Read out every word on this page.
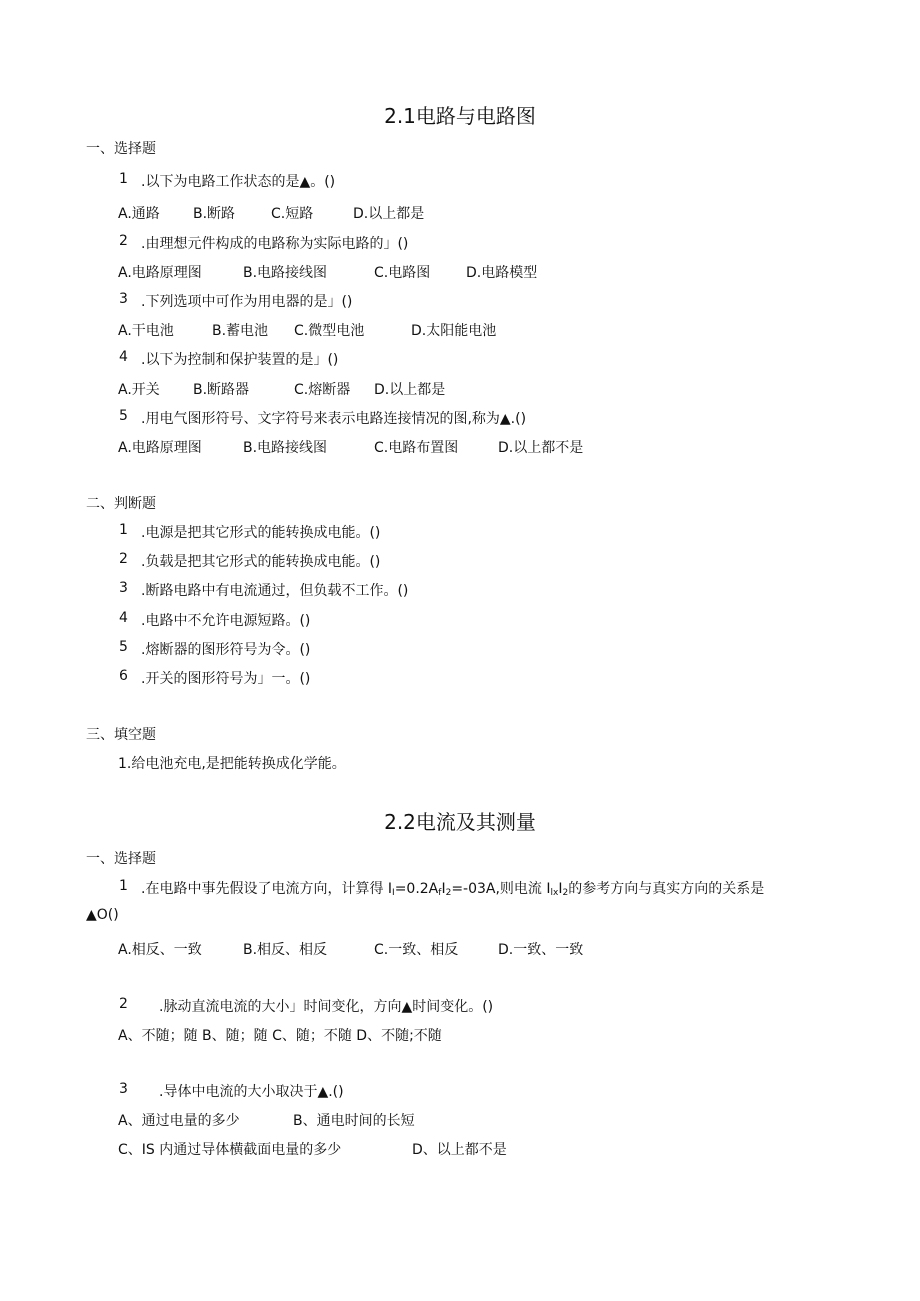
2.1电路与电路图
一、选择题
1 .以下为电路工作状态的是▲。()
A.通路 B.断路	C.短路	D.以上都是
2 .由理想元件构成的电路称为实际电路的」()
A.电路原理图	B.电路接线图	C.电路图	D.电路模型
3 .下列选项中可作为用电器的是」()
A.干电池	B.蓄电池 C.微型电池	D.太阳能电池
4 .以下为控制和保护装置的是」()
A.开关 B.断路器	C.熔断器 D.以上都是
5 .用电气图形符号、文字符号来表示电路连接情况的图,称为▲.()
A.电路原理图	B.电路接线图	C.电路布置图	D.以上都不是
二、判断题
1 .电源是把其它形式的能转换成电能。()
2 .负载是把其它形式的能转换成电能。()
3 .断路电路中有电流通过，但负载不工作。()
4 .电路中不允许电源短路。()
5 .熔断器的图形符号为令。()
6 .开关的图形符号为」一。()
三、填空题
1.给电池充电,是把能转换成化学能。
2.2电流及其测量
一、选择题
1 .在电路中事先假设了电流方向，计算得 $I_I=0.2A_fI_2=-03A$,则电流 $I_{lx}I_2$的参考方向与真实方向的关系是
▲O()
A.相反、一致	B.相反、相反	C.一致、相反	D.一致、一致
2 .脉动直流电流的大小」时间变化，方向▲时间变化。()
A、不随；随 B、随；随 C、随；不随 D、不随;不随
3 .导体中电流的大小取决于▲.()
A、通过电量的多少	B、通电时间的长短
C、IS 内通过导体横截面电量的多少	D、以上都不是
